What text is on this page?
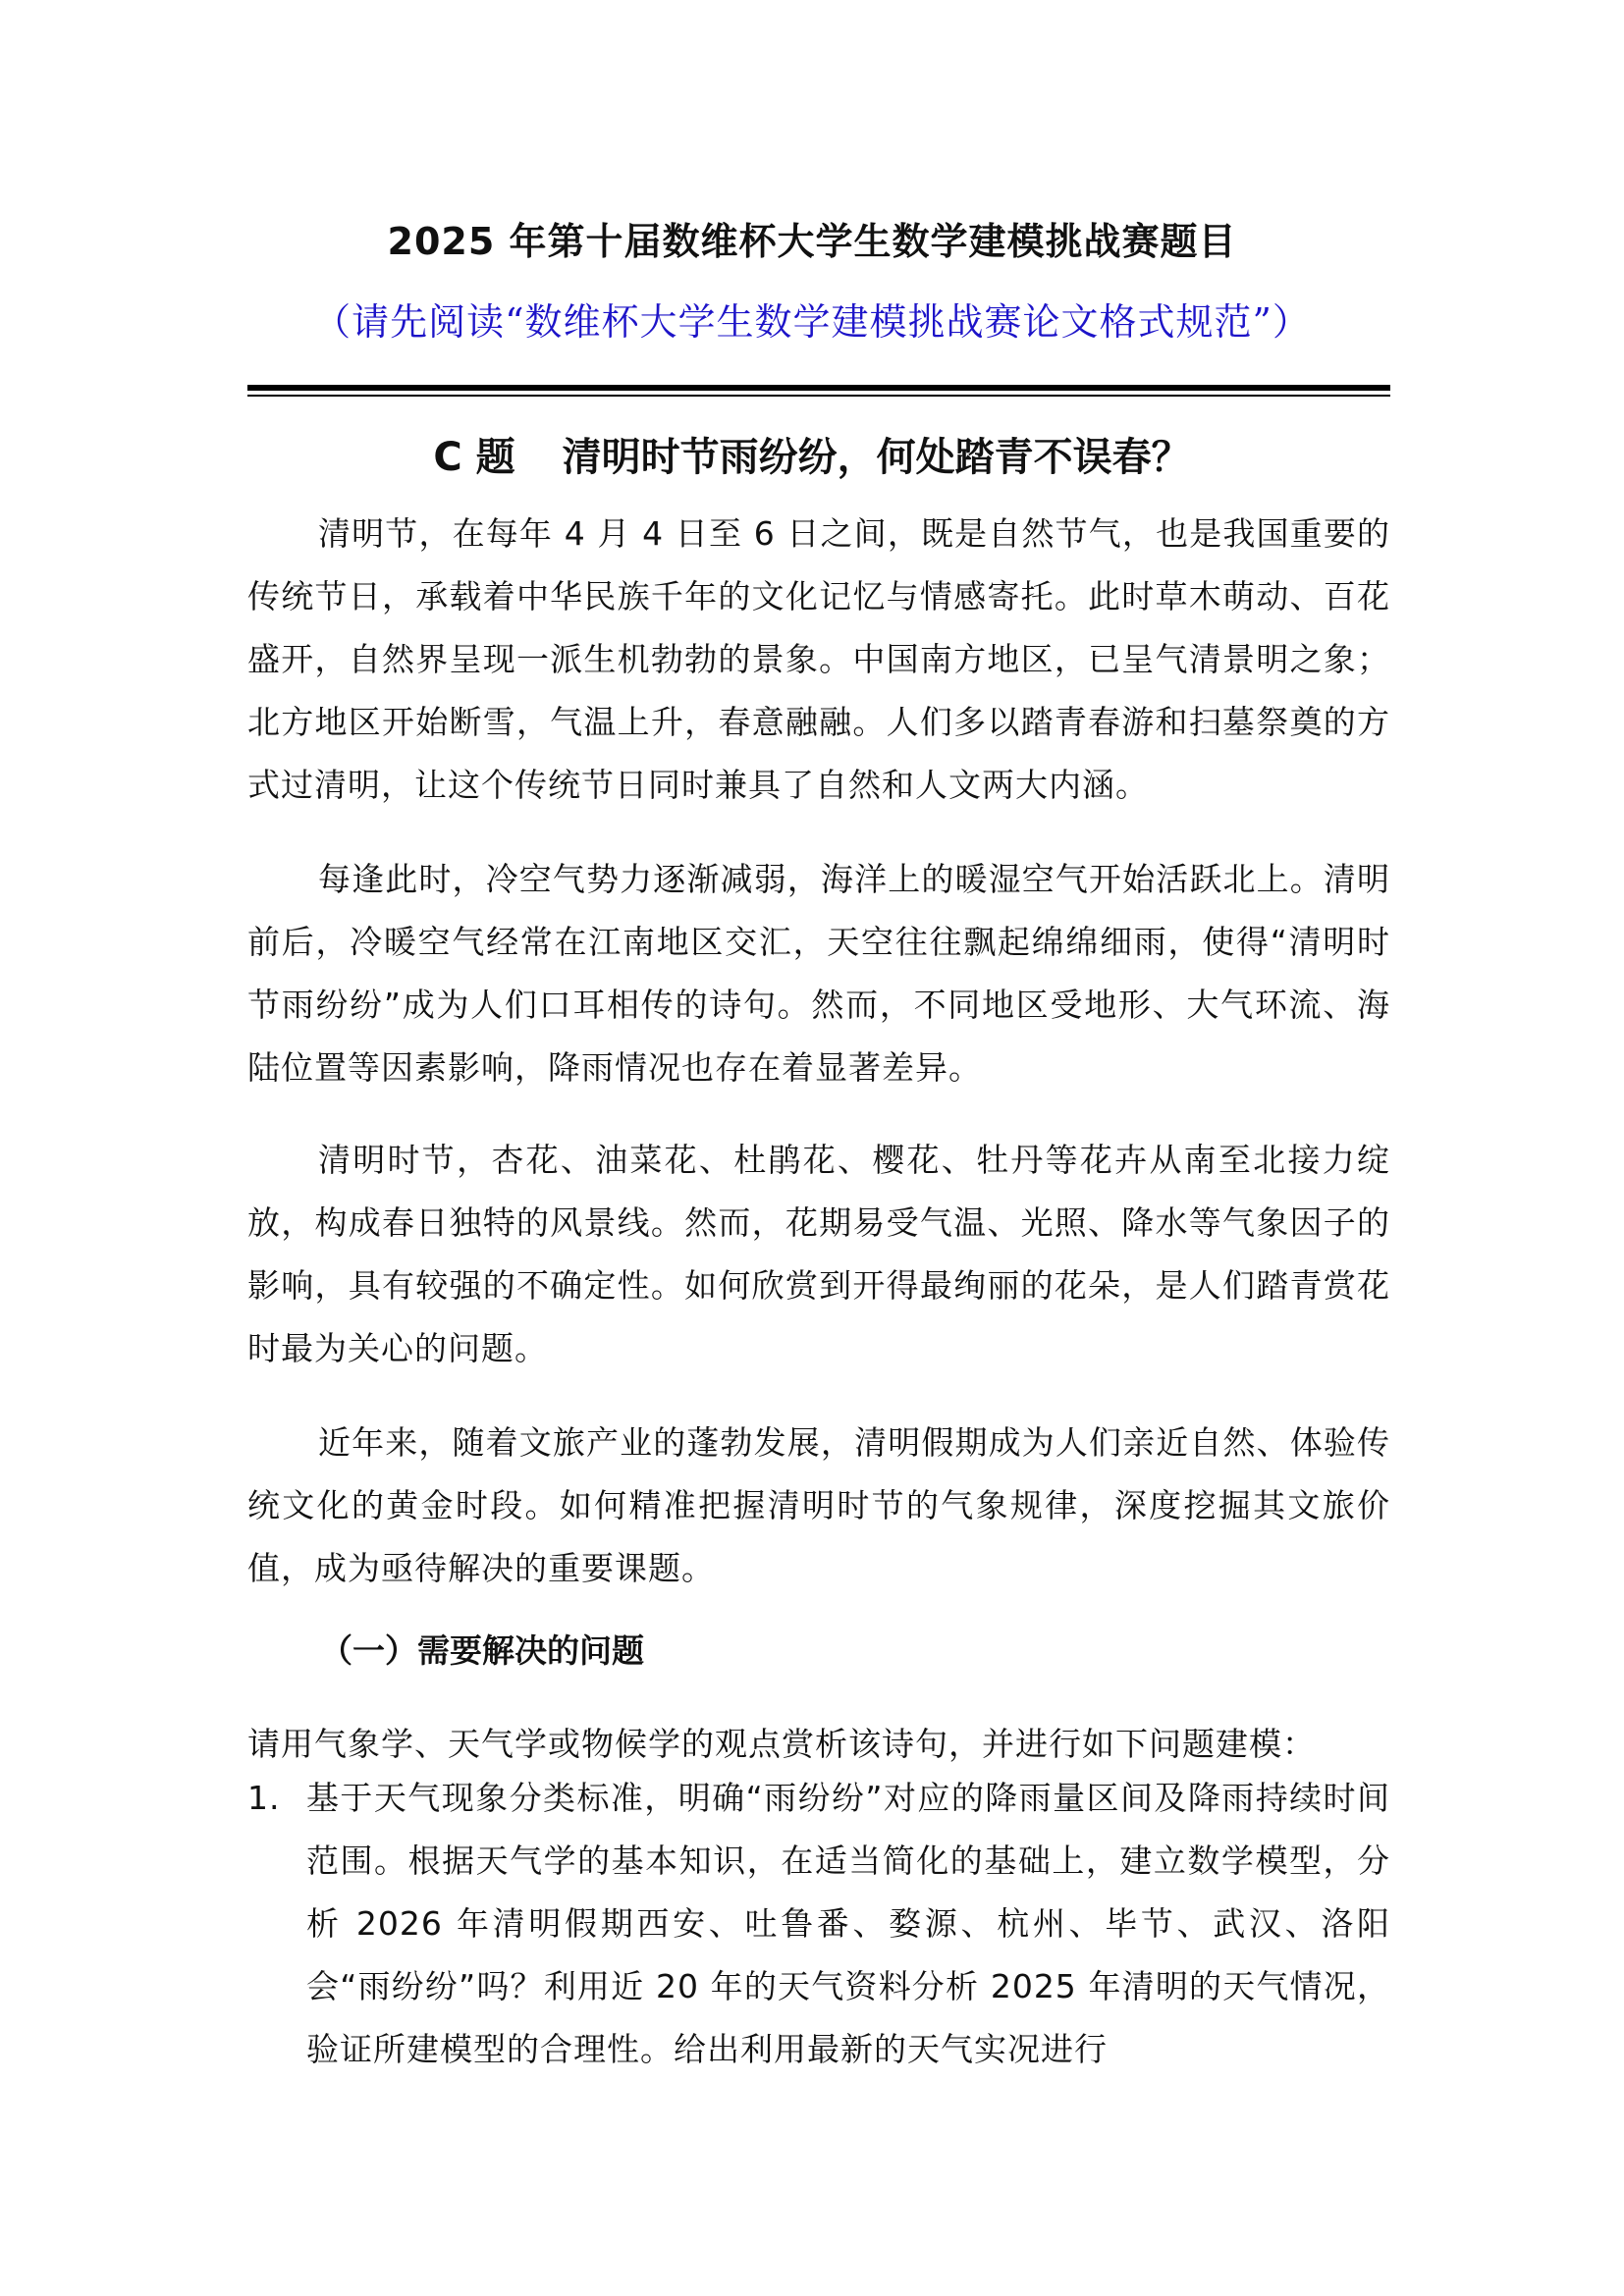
2025 年第十届数维杯大学生数学建模挑战赛题目
（请先阅读“数维杯大学生数学建模挑战赛论文格式规范”）
C 题 清明时节雨纷纷，何处踏青不误春？

清明节，在每年 4 月 4 日至 6 日之间，既是自然节气，也是我国重要的传统节日，承载着中华民族千年的文化记忆与情感寄托。此时草木萌动、百花盛开，自然界呈现一派生机勃勃的景象。中国南方地区，已呈气清景明之象；北方地区开始断雪，气温上升，春意融融。人们多以踏青春游和扫墓祭奠的方式过清明，让这个传统节日同时兼具了自然和人文两大内涵。

每逢此时，冷空气势力逐渐减弱，海洋上的暖湿空气开始活跃北上。清明前后，冷暖空气经常在江南地区交汇，天空往往飘起绵绵细雨，使得“清明时节雨纷纷”成为人们口耳相传的诗句。然而，不同地区受地形、大气环流、海陆位置等因素影响，降雨情况也存在着显著差异。

清明时节，杏花、油菜花、杜鹃花、樱花、牡丹等花卉从南至北接力绽放，构成春日独特的风景线。然而，花期易受气温、光照、降水等气象因子的影响，具有较强的不确定性。如何欣赏到开得最绚丽的花朵，是人们踏青赏花时最为关心的问题。

近年来，随着文旅产业的蓬勃发展，清明假期成为人们亲近自然、体验传统文化的黄金时段。如何精准把握清明时节的气象规律，深度挖掘其文旅价值，成为亟待解决的重要课题。

（一）需要解决的问题

请用气象学、天气学或物候学的观点赏析该诗句，并进行如下问题建模：

1. 基于天气现象分类标准，明确“雨纷纷”对应的降雨量区间及降雨持续时间范围。根据天气学的基本知识，在适当简化的基础上，建立数学模型，分析 2026 年清明假期西安、吐鲁番、婺源、杭州、毕节、武汉、洛阳会“雨纷纷”吗？利用近 20 年的天气资料分析 2025 年清明的天气情况，验证所建模型的合理性。给出利用最新的天气实况进行
